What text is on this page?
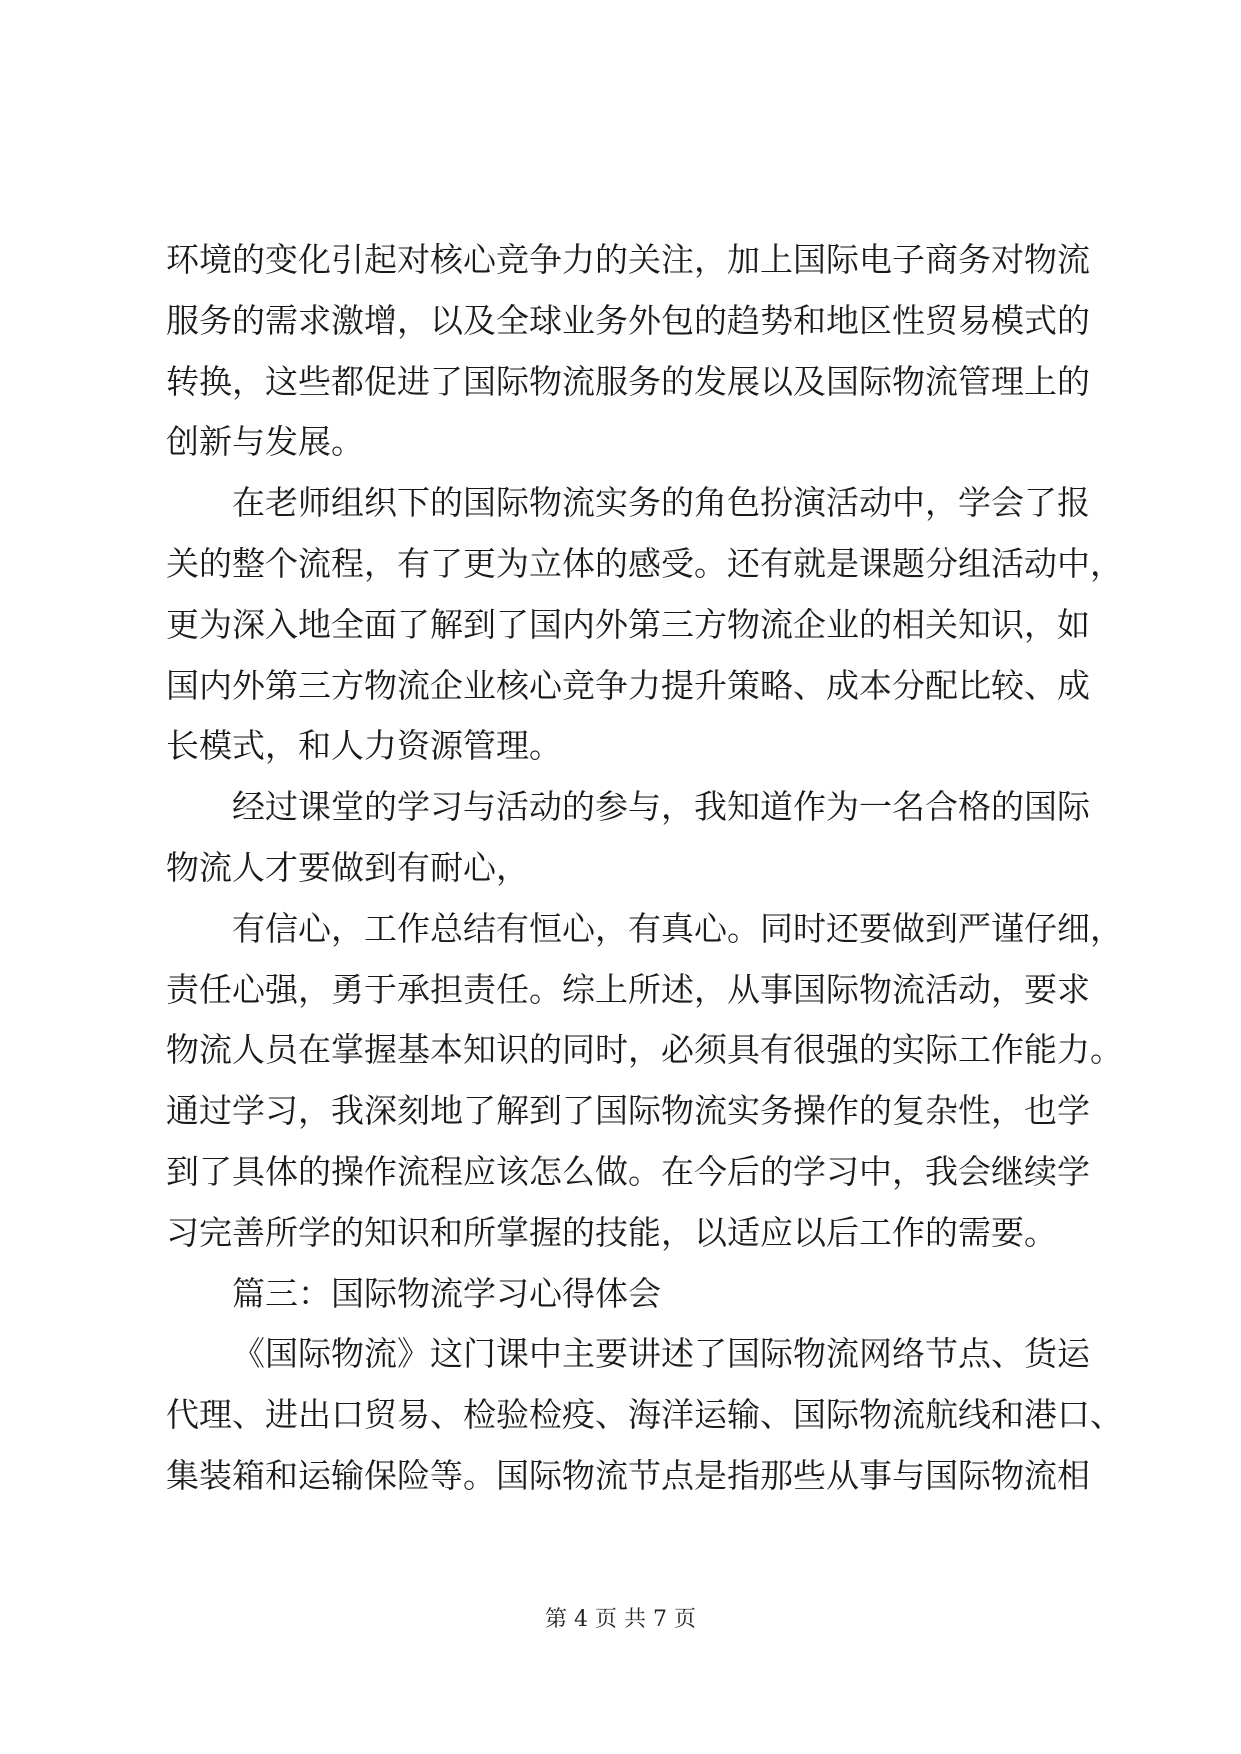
环境的变化引起对核心竞争力的关注，加上国际电子商务对物流
服务的需求激增，以及全球业务外包的趋势和地区性贸易模式的
转换，这些都促进了国际物流服务的发展以及国际物流管理上的
创新与发展。
在老师组织下的国际物流实务的角色扮演活动中，学会了报
关的整个流程，有了更为立体的感受。还有就是课题分组活动中，
更为深入地全面了解到了国内外第三方物流企业的相关知识，如
国内外第三方物流企业核心竞争力提升策略、成本分配比较、成
长模式，和人力资源管理。
经过课堂的学习与活动的参与，我知道作为一名合格的国际
物流人才要做到有耐心，
有信心，工作总结有恒心，有真心。同时还要做到严谨仔细，
责任心强，勇于承担责任。综上所述，从事国际物流活动，要求
物流人员在掌握基本知识的同时，必须具有很强的实际工作能力。
通过学习，我深刻地了解到了国际物流实务操作的复杂性，也学
到了具体的操作流程应该怎么做。在今后的学习中，我会继续学
习完善所学的知识和所掌握的技能，以适应以后工作的需要。
篇三：国际物流学习心得体会
《国际物流》这门课中主要讲述了国际物流网络节点、货运
代理、进出口贸易、检验检疫、海洋运输、国际物流航线和港口、
集装箱和运输保险等。国际物流节点是指那些从事与国际物流相
第 4 页 共 7 页
